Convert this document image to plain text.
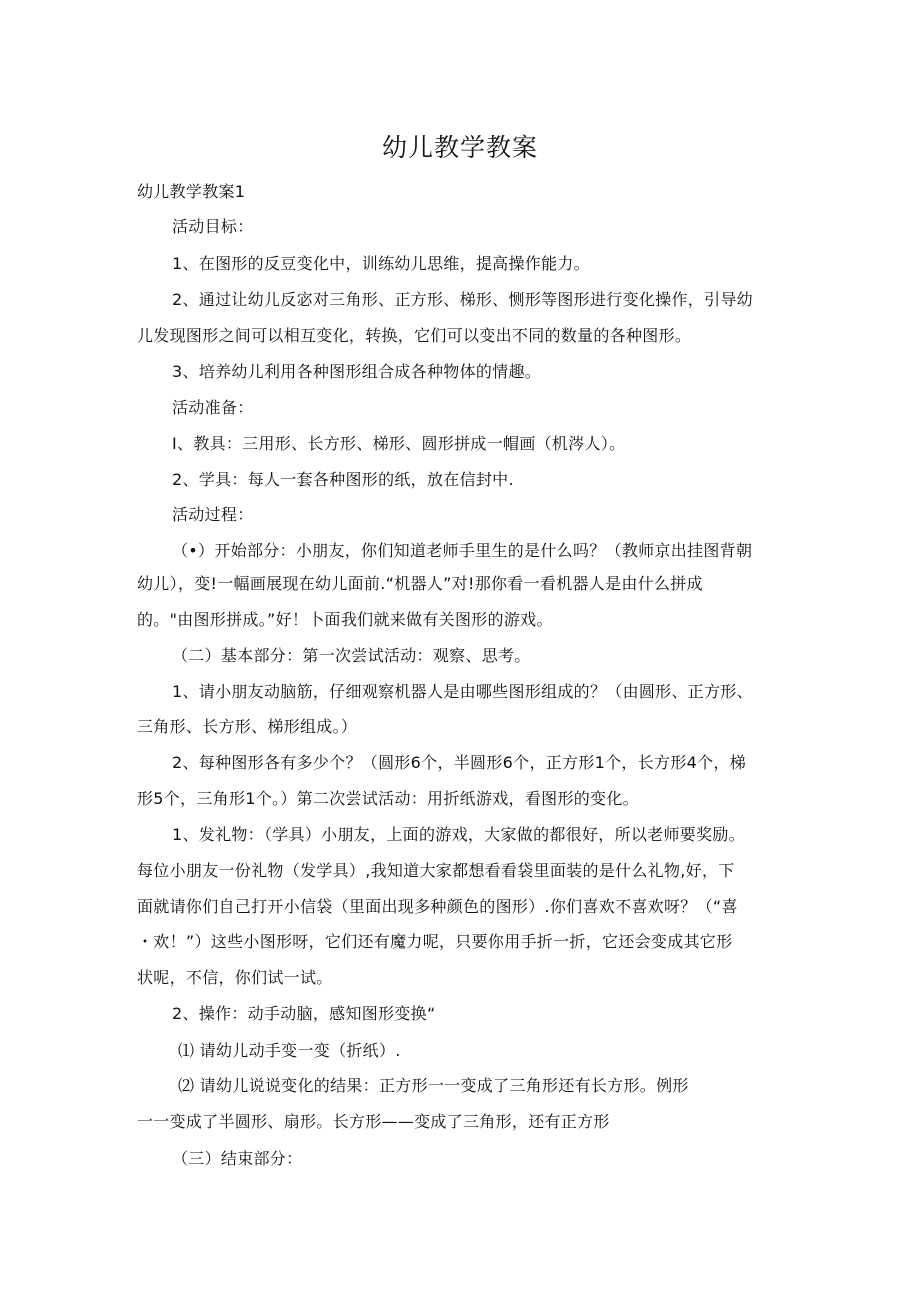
幼儿教学教案
幼儿教学教案1
活动目标：
1、在图形的反豆变化中，训练幼儿思维，提高操作能力。
2、通过让幼儿反宓对三角形、正方形、梯形、恻形等图形进行变化操作，引导幼
儿发现图形之间可以相互变化，转换，它们可以变出不同的数量的各种图形。
3、培养幼儿利用各种图形组合成各种物体的情趣。
活动准备：
I、教具：三用形、长方形、梯形、圆形拼成一帽画（机涔人）。
2、学具：每人一套各种图形的纸，放在信封中.
活动过程：
（•）开始部分：小朋友，你们知道老师手里生的是什么吗？（教师京出挂图背朝
幼儿），变!一幅画展现在幼儿面前.“机器人”对!那你看一看机器人是由什么拼成
的。"由图形拼成。”好！卜面我们就来做有关图形的游戏。
（二）基本部分：第一次尝试活动：观察、思考。
1、请小朋友动脑筋，仔细观察机器人是由哪些图形组成的？（由圆形、正方形、
三角形、长方形、梯形组成。）
2、每种图形各有多少个？（圆形6个，半圆形6个，正方形1个，长方形4个，梯
形5个，三角形1个。）第二次尝试活动：用折纸游戏，看图形的变化。
1、发礼物：（学具）小朋友，上面的游戏，大家做的都很好，所以老师要奖励。
每位小朋友一份礼物（发学具）,我知道大家都想看看袋里面装的是什么礼物,好，下
面就请你们自己打开小信袋（里面出现多种颜色的图形）.你们喜欢不喜欢呀？（“喜
・欢！”）这些小图形呀，它们还有魔力呢，只要你用手折一折，它还会变成其它形
状呢，不信，你们试一试。
2、操作：动手动脑，感知图形变换“
⑴ 请幼儿动手变一变（折纸）.
⑵ 请幼儿说说变化的结果：正方形一一变成了三角形还有长方形。例形
一一变成了半圆形、扇形。长方形——变成了三角形，还有正方形
（三）结束部分：
